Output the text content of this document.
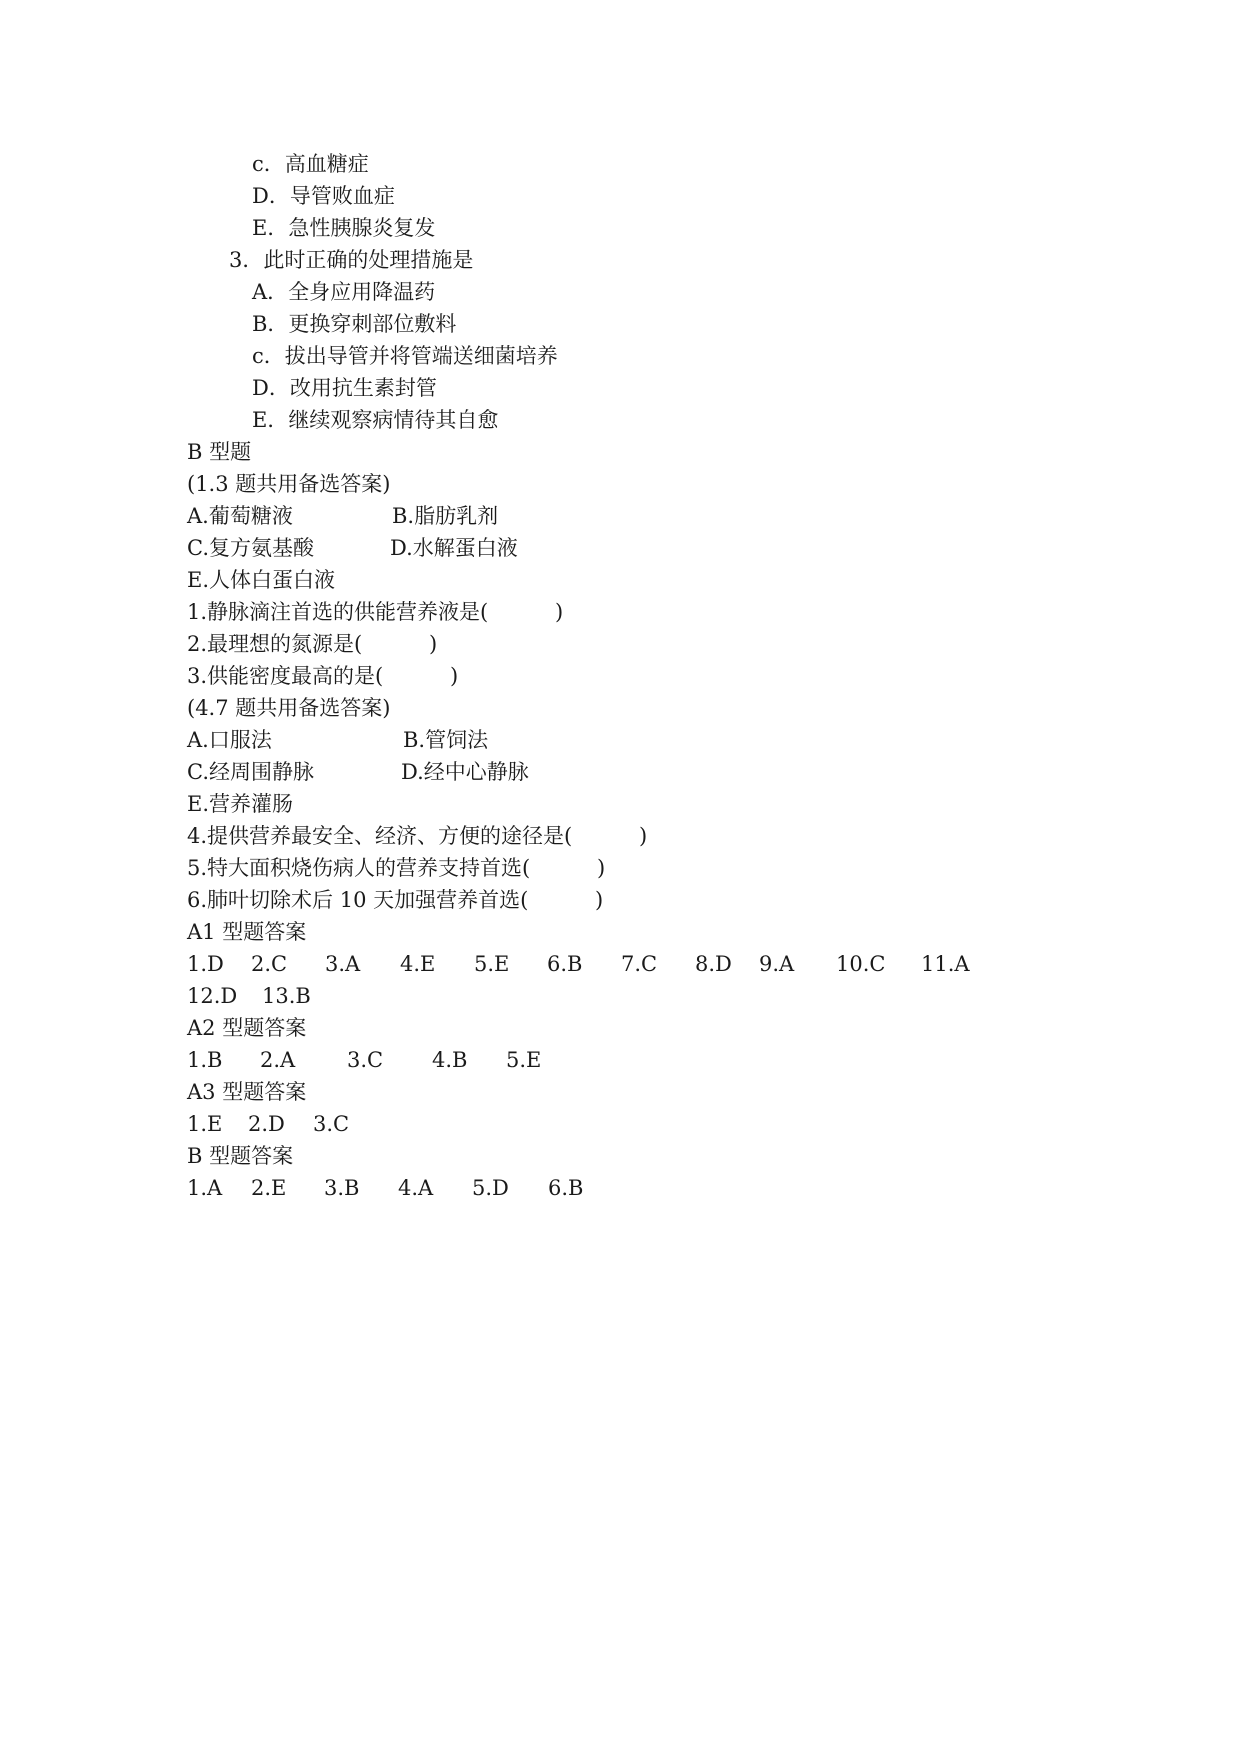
c．高血糖症
D．导管败血症
E．急性胰腺炎复发
3．此时正确的处理措施是
A．全身应用降温药
B．更换穿刺部位敷料
c．拔出导管并将管端送细菌培养
D．改用抗生素封管
E．继续观察病情待其自愈
B 型题
(1.3 题共用备选答案)
A.葡萄糖液	B.脂肪乳剂
C.复方氨基酸	D.水解蛋白液
E.人体白蛋白液
1.静脉滴注首选的供能营养液是(          )
2.最理想的氮源是(          )
3.供能密度最高的是(          )
(4.7 题共用备选答案)
A.口服法	B.管饲法
C.经周围静脉	D.经中心静脉
E.营养灌肠
4.提供营养最安全、经济、方便的途径是(          )
5.特大面积烧伤病人的营养支持首选(          )
6.肺叶切除术后 10 天加强营养首选(          )
A1 型题答案
1.D 2.C 3.A 4.E 5.E 6.B 7.C 8.D 9.A 10.C 11.A
12.D 13.B
A2 型题答案
1.B 2.A 3.C 4.B 5.E
A3 型题答案
1.E 2.D 3.C
B 型题答案
1.A 2.E 3.B 4.A 5.D 6.B
